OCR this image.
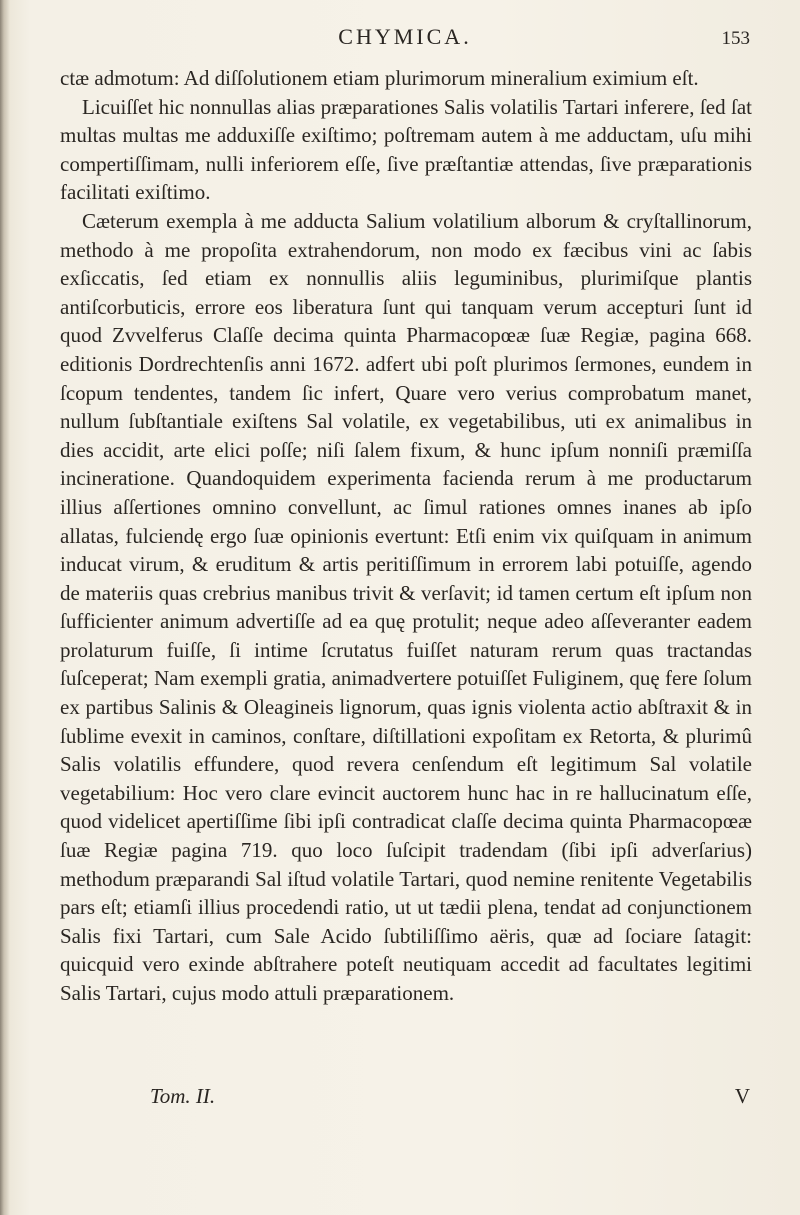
CHYMICA.	153

ctæ admotum: Ad diſſolutionem etiam plurimorum mineralium eximium eſt.

Licuiſſet hic nonnullas alias præparationes Salis volatilis Tartari inferere, ſed ſat multas multas me adduxiſſe exiſtimo; poſtremam autem à me adductam, uſu mihi compertiſſimam, nulli inferiorem eſſe, ſive præſtantiæ attendas, ſive præparationis facilitati exiſtimo.

Cæterum exempla à me adducta Salium volatilium alborum & cryſtallinorum, methodo à me propoſita extrahendorum, non modo ex fæcibus vini ac ſabis exſiccatis, ſed etiam ex nonnullis aliis leguminibus, plurimiſque plantis antiſcorbuticis, errore eos liberatura ſunt qui tanquam verum accepturi ſunt id quod Zvvelferus Claſſe decima quinta Pharmacopœæ ſuæ Regiæ, pagina 668. editionis Dordrechtenſis anni 1672. adfert ubi poſt plurimos ſermones, eundem in ſcopum tendentes, tandem ſic infert, Quare vero verius comprobatum manet, nullum ſubſtantiale exiſtens Sal volatile, ex vegetabilibus, uti ex animalibus in dies accidit, arte elici poſſe; niſi ſalem fixum, & hunc ipſum nonniſi præmiſſa incineratione. Quandoquidem experimenta facienda rerum à me productarum illius aſſertiones omnino convellunt, ac ſimul rationes omnes inanes ab ipſo allatas, fulciendę ergo ſuæ opinionis evertunt: Etſi enim vix quiſquam in animum inducat virum, & eruditum & artis peritiſſimum in errorem labi potuiſſe, agendo de materiis quas crebrius manibus trivit & verſavit; id tamen certum eſt ipſum non ſufficienter animum advertiſſe ad ea quę protulit; neque adeo aſſeveranter eadem prolaturum fuiſſe, ſi intime ſcrutatus fuiſſet naturam rerum quas tractandas ſuſceperat; Nam exempli gratia, animadvertere potuiſſet Fuliginem, quę fere ſolum ex partibus Salinis & Oleagineis lignorum, quas ignis violenta actio abſtraxit & in ſublime evexit in caminos, conſtare, diſtillationi expoſitam ex Retorta, & plurimû Salis volatilis effundere, quod revera cenſendum eſt legitimum Sal volatile vegetabilium: Hoc vero clare evincit auctorem hunc hac in re hallucinatum eſſe, quod videlicet apertiſſime ſibi ipſi contradicat claſſe decima quinta Pharmacopœæ ſuæ Regiæ pagina 719. quo loco ſuſcipit tradendam (ſibi ipſi adverſarius) methodum præparandi Sal iſtud volatile Tartari, quod nemine renitente Vegetabilis pars eſt; etiamſi illius procedendi ratio, ut ut tædii plena, tendat ad conjunctionem Salis fixi Tartari, cum Sale Acido ſubtiliſſimo aëris, quæ ad ſociare ſatagit: quicquid vero exinde abſtrahere poteſt neutiquam accedit ad facultates legitimi Salis Tartari, cujus modo attuli præparationem.

Tom. II.	V
